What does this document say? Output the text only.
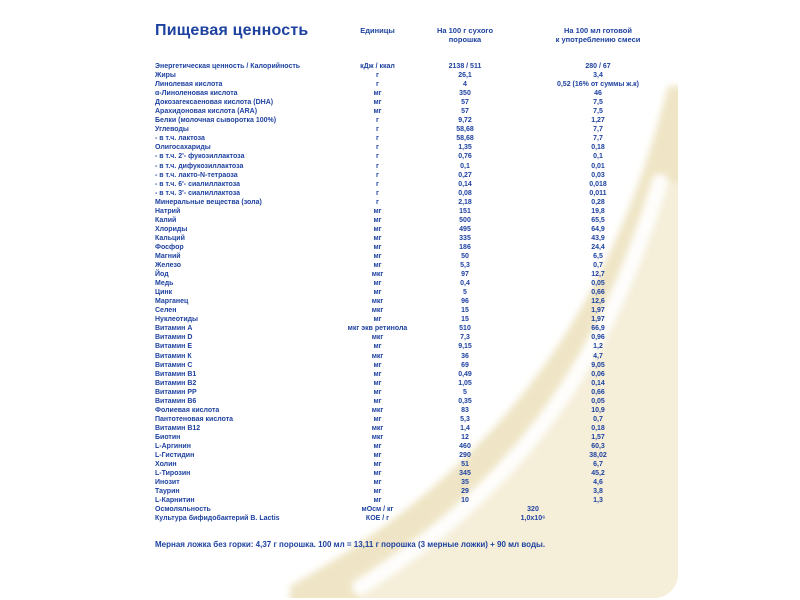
Пищевая ценность	Единицы	На 100 г сухого
порошка
На 100 мл готовой
к употреблению смеси
Энергетическая ценность / Калорийность	кДж / ккал	2138 / 511	280 / 67
Жиры	г	26,1	3,4
Линолевая кислота	г	4	0,52 (16% от суммы ж.к)
α-Линоленовая кислота	мг	350	46
Докозагексаеновая кислота (DHA)	мг	57	7,5
Арахидоновая кислота (ARA)	мг	57	7,5
Белки (молочная сыворотка 100%)	г	9,72	1,27
Углеводы	г	58,68	7,7
- в т.ч. лактоза	г	58,68	7,7
Олигосахариды	г	1,35	0,18
- в т.ч. 2'- фукозиллактоза	г	0,76	0,1
- в т.ч. дифукозиллактоза	г	0,1	0,01
- в т.ч. лакто-N-тетраоза	г	0,27	0,03
- в т.ч. 6'- сиалиллактоза	г	0,14	0,018
- в т.ч. 3'- сиалиллактоза	г	0,08	0,011
Минеральные вещества (зола)	г	2,18	0,28
Натрий	мг	151	19,8
Калий	мг	500	65,5
Хлориды	мг	495	64,9
Кальций	мг	335	43,9
Фосфор	мг	186	24,4
Магний	мг	50	6,5
Железо	мг	5,3	0,7
Йод	мкг	97	12,7
Медь	мг	0,4	0,05
Цинк	мг	5	0,66
Марганец	мкг	96	12,6
Селен	мкг	15	1,97
Нуклеотиды	мг	15	1,97
Витамин А	мкг экв ретинола	510	66,9
Витамин D	мкг	7,3	0,96
Витамин Е	мг	9,15	1,2
Витамин К	мкг	36	4,7
Витамин С	мг	69	9,05
Витамин В1	мг	0,49	0,06
Витамин В2	мг	1,05	0,14
Витамин РР	мг	5	0,66
Витамин В6	мг	0,35	0,05
Фолиевая кислота	мкг	83	10,9
Пантотеновая кислота	мг	5,3	0,7
Витамин В12	мкг	1,4	0,18
Биотин	мкг	12	1,57
L-Аргинин	мг	460	60,3
L-Гистидин	мг	290	38,02
Холин	мг	51	6,7
L-Тирозин	мг	345	45,2
Инозит	мг	35	4,6
Таурин	мг	29	3,8
L-Карнитин	мг	10	1,3
Осмоляльность	мОсм / кг	320
Культура бифидобактерий B. Lactis	КОЕ / г	1,0x10⁶
Мерная ложка без горки: 4,37 г порошка. 100 мл = 13,11 г порошка (3 мерные ложки) + 90 мл воды.
